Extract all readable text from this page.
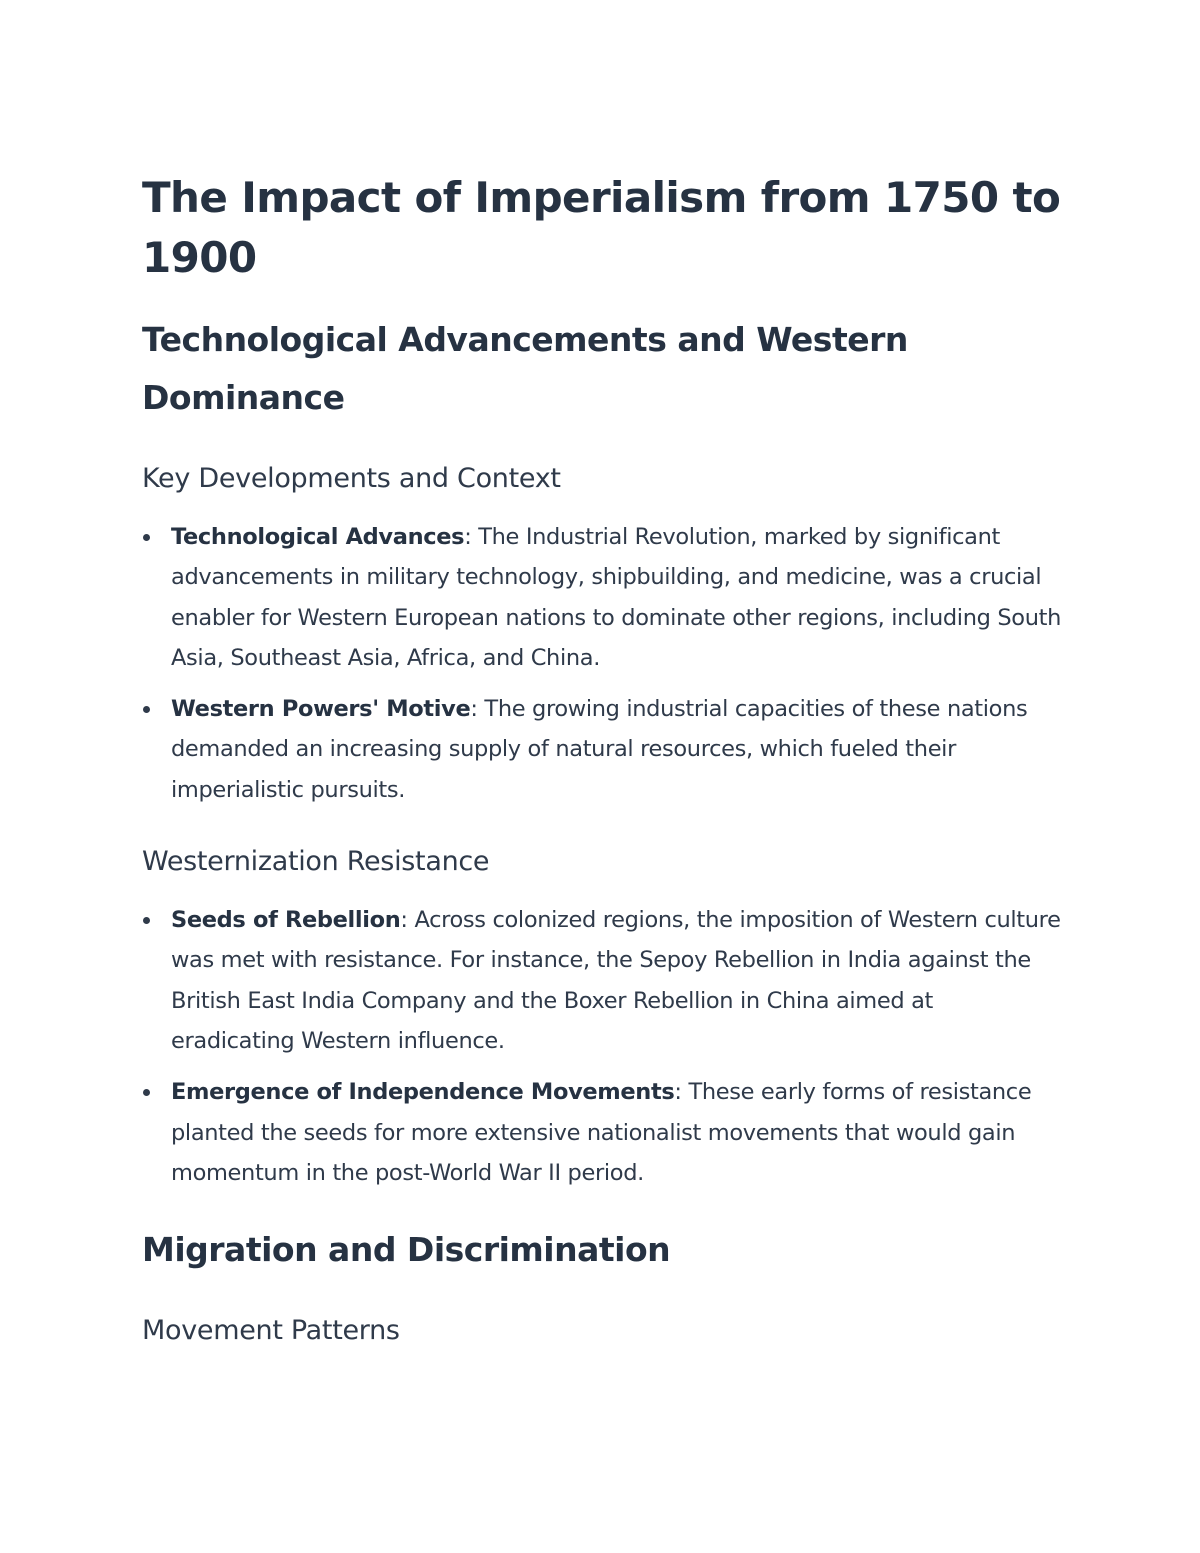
The Impact of Imperialism from 1750 to 1900
Technological Advancements and Western Dominance
Key Developments and Context
Technological Advances: The Industrial Revolution, marked by significant advancements in military technology, shipbuilding, and medicine, was a crucial enabler for Western European nations to dominate other regions, including South Asia, Southeast Asia, Africa, and China.
Western Powers' Motive: The growing industrial capacities of these nations demanded an increasing supply of natural resources, which fueled their imperialistic pursuits.
Westernization Resistance
Seeds of Rebellion: Across colonized regions, the imposition of Western culture was met with resistance. For instance, the Sepoy Rebellion in India against the British East India Company and the Boxer Rebellion in China aimed at eradicating Western influence.
Emergence of Independence Movements: These early forms of resistance planted the seeds for more extensive nationalist movements that would gain momentum in the post-World War II period.
Migration and Discrimination
Movement Patterns
